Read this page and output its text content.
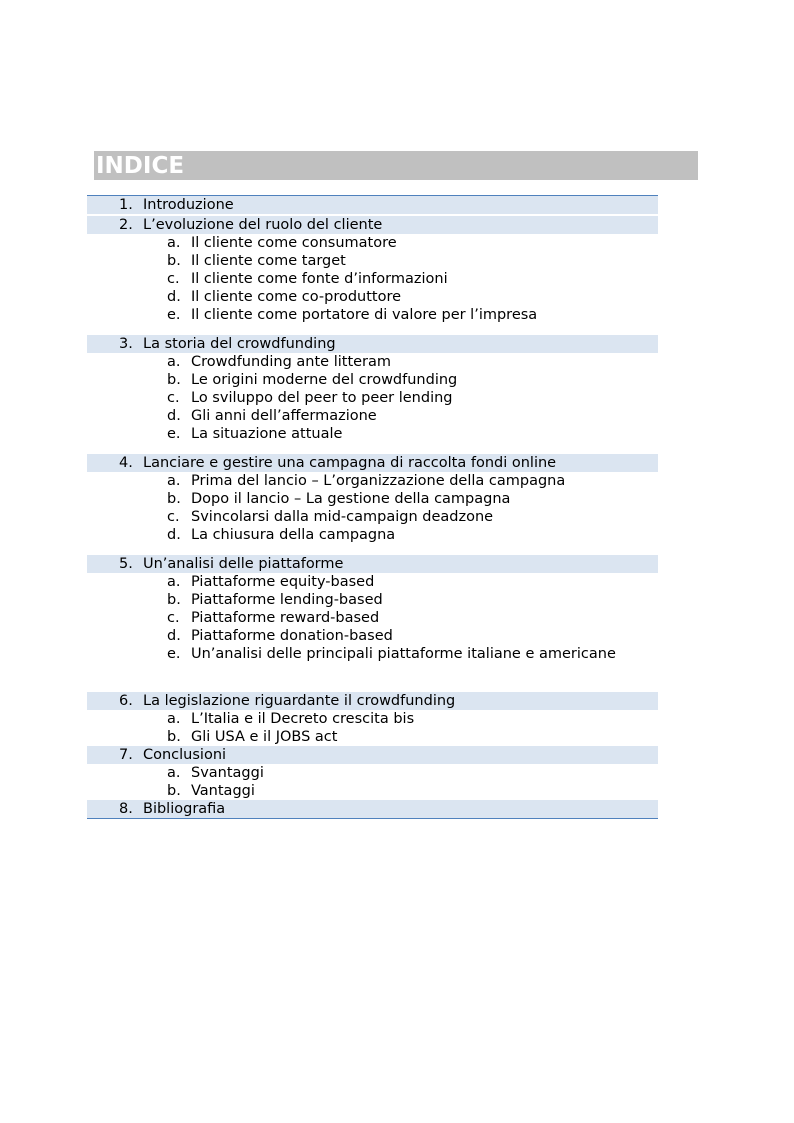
INDICE
1. Introduzione
2. L’evoluzione del ruolo del cliente
a. Il cliente come consumatore
b. Il cliente come target
c. Il cliente come fonte d’informazioni
d. Il cliente come co-produttore
e. Il cliente come portatore di valore per l’impresa
3. La storia del crowdfunding
a. Crowdfunding ante litteram
b. Le origini moderne del crowdfunding
c. Lo sviluppo del peer to peer lending
d. Gli anni dell’affermazione
e. La situazione attuale
4. Lanciare e gestire una campagna di raccolta fondi online
a. Prima del lancio – L’organizzazione della campagna
b. Dopo il lancio – La gestione della campagna
c. Svincolarsi dalla mid-campaign deadzone
d. La chiusura della campagna
5. Un’analisi delle piattaforme
a. Piattaforme equity-based
b. Piattaforme lending-based
c. Piattaforme reward-based
d. Piattaforme donation-based
e. Un’analisi delle principali piattaforme italiane e americane
6. La legislazione riguardante il crowdfunding
a. L’Italia e il Decreto crescita bis
b. Gli USA e il JOBS act
7. Conclusioni
a. Svantaggi
b. Vantaggi
8. Bibliografia
